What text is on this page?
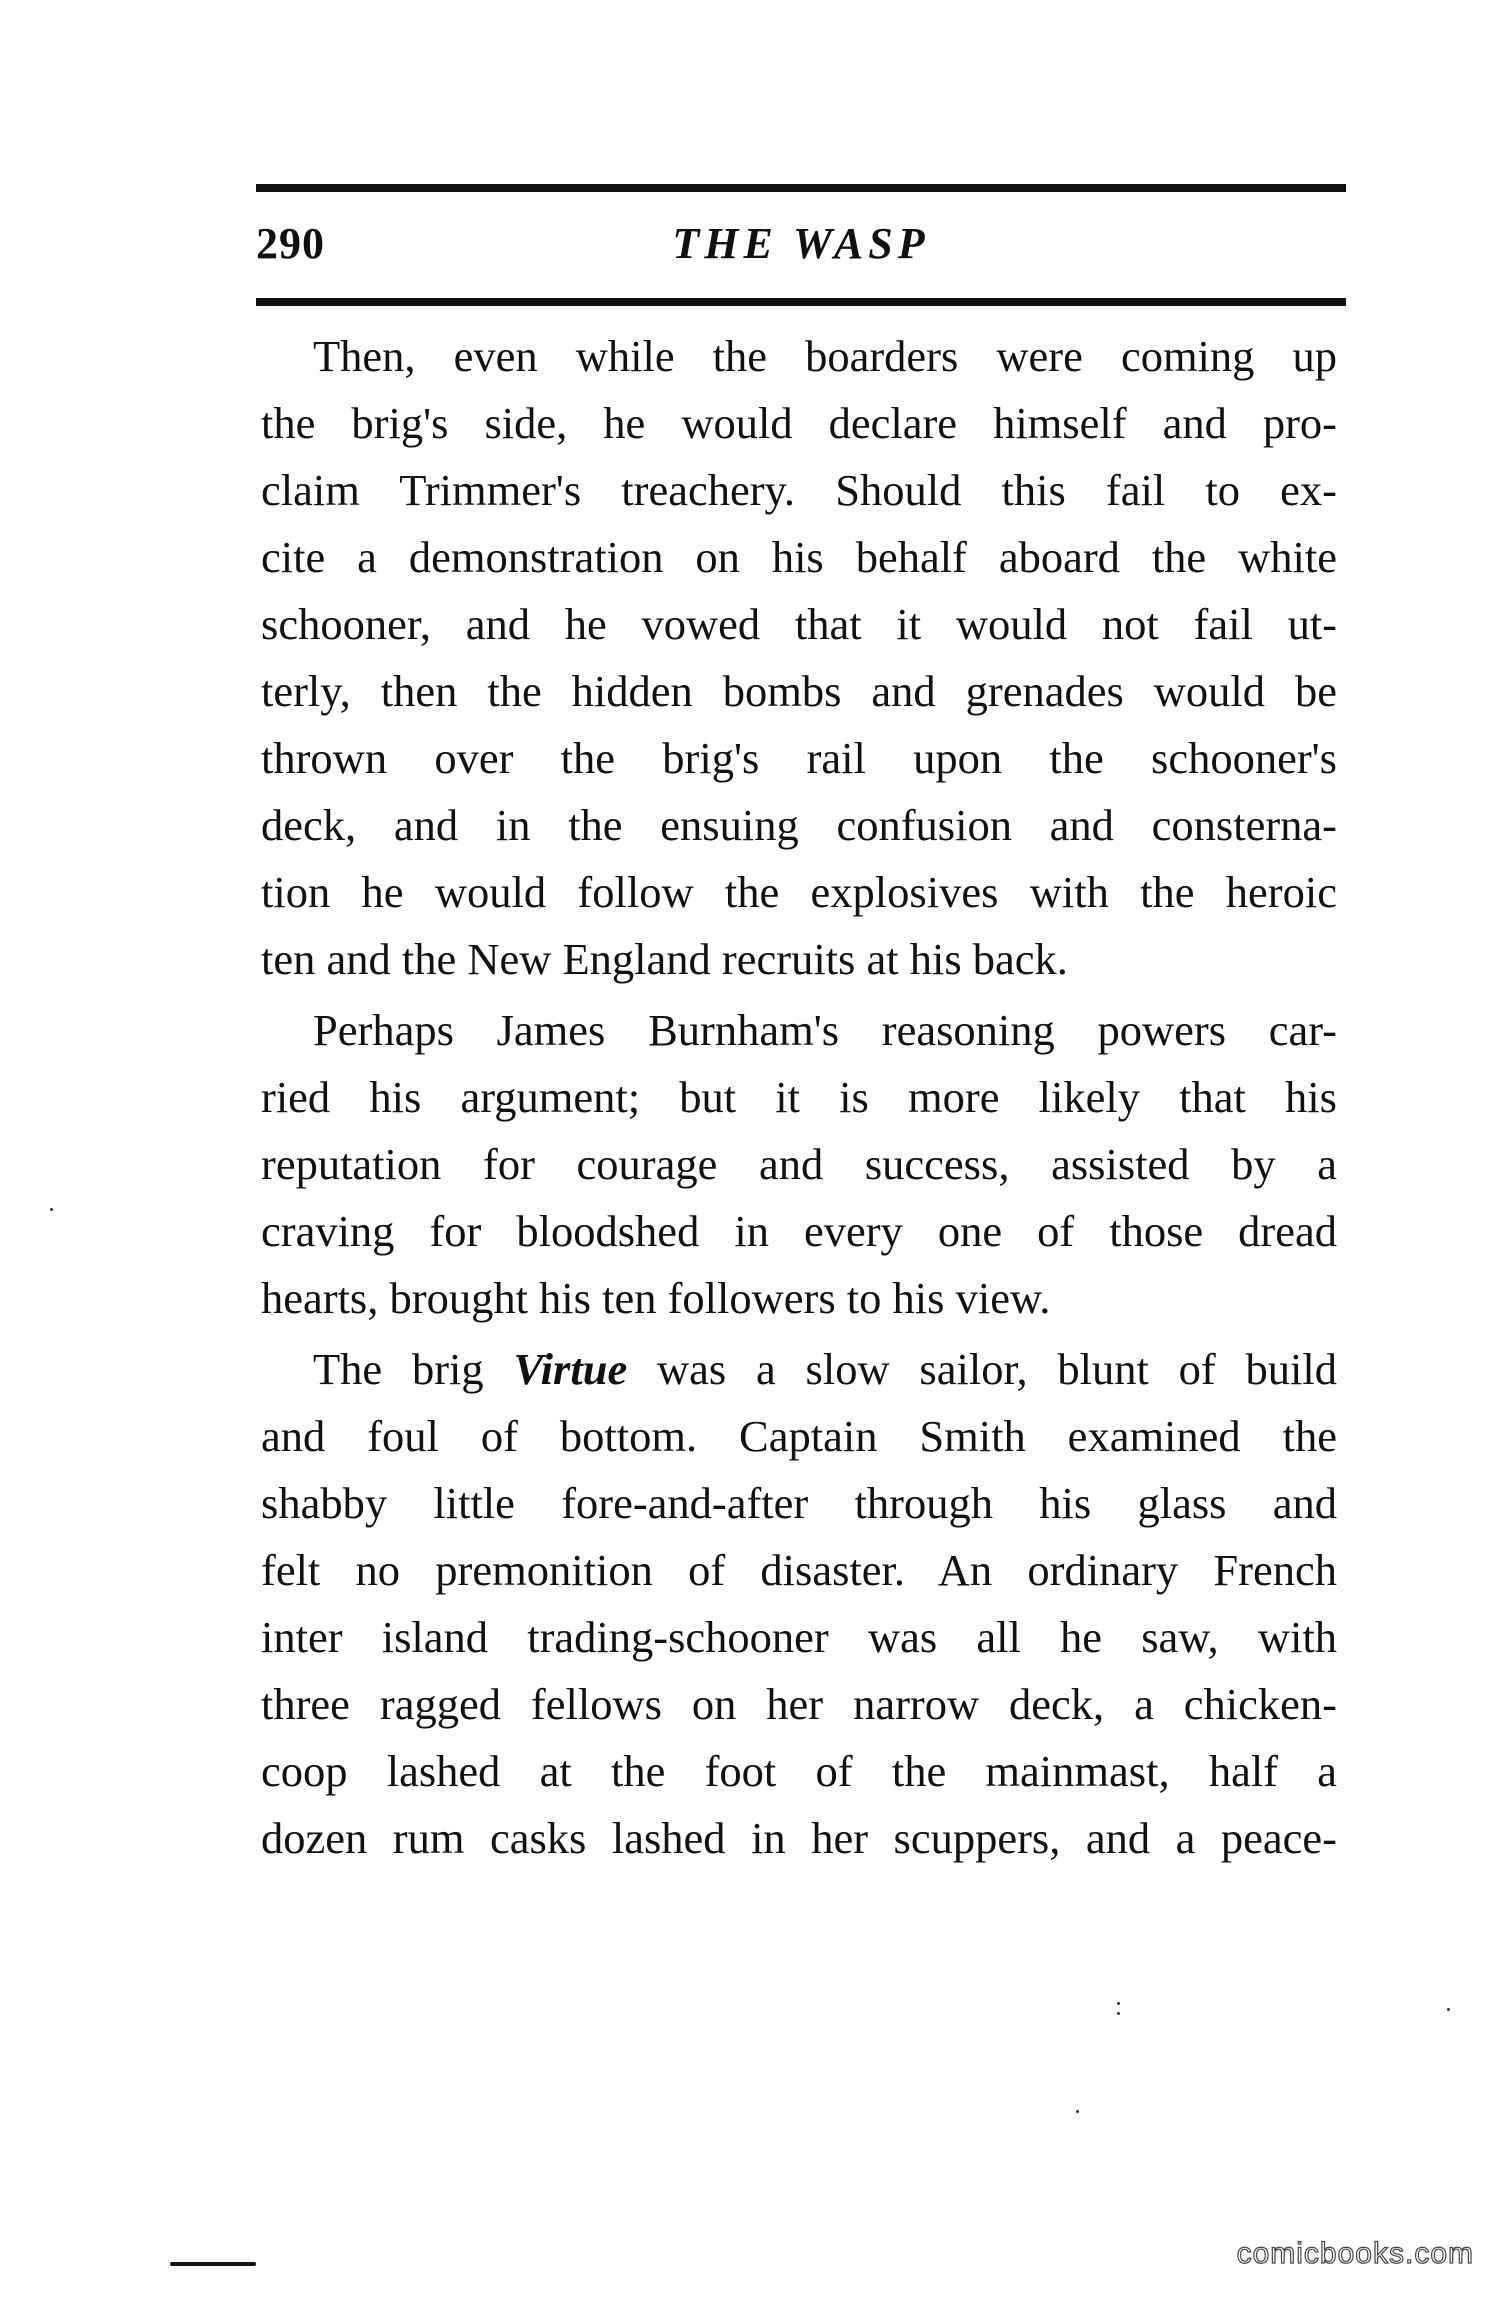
290	THE WASP
Then, even while the boarders were coming up
the brig's side, he would declare himself and pro-
claim Trimmer's treachery. Should this fail to ex-
cite a demonstration on his behalf aboard the white
schooner, and he vowed that it would not fail ut-
terly, then the hidden bombs and grenades would be
thrown over the brig's rail upon the schooner's
deck, and in the ensuing confusion and consterna-
tion he would follow the explosives with the heroic
ten and the New England recruits at his back.
Perhaps James Burnham's reasoning powers car-
ried his argument; but it is more likely that his
reputation for courage and success, assisted by a
craving for bloodshed in every one of those dread
hearts, brought his ten followers to his view.
The brig Virtue was a slow sailor, blunt of build
and foul of bottom. Captain Smith examined the
shabby little fore-and-after through his glass and
felt no premonition of disaster. An ordinary French
inter island trading-schooner was all he saw, with
three ragged fellows on her narrow deck, a chicken-
coop lashed at the foot of the mainmast, half a
dozen rum casks lashed in her scuppers, and a peace-
comicbooks.com
